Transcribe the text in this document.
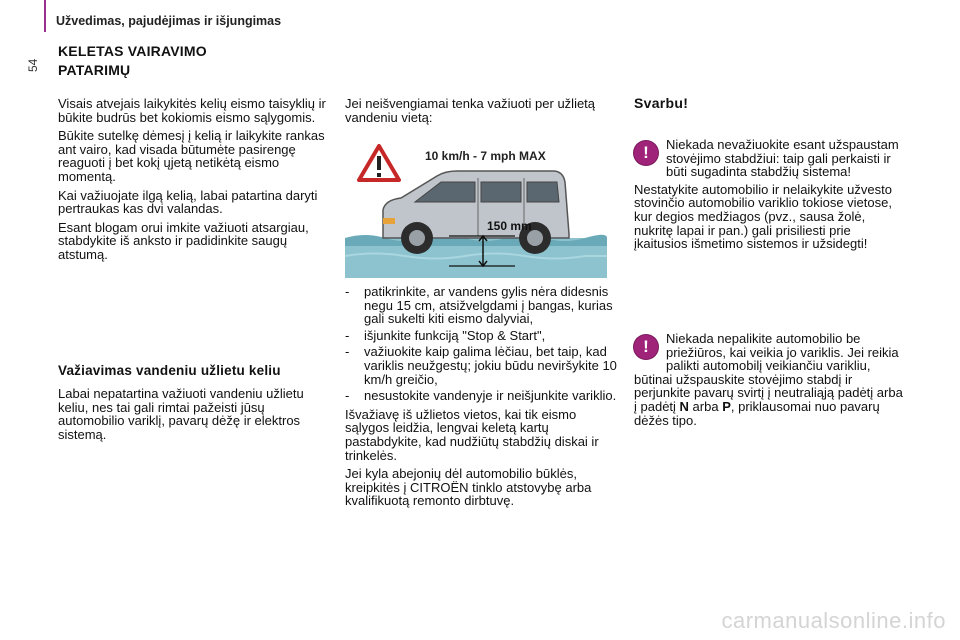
54
Užvedimas, pajudėjimas ir išjungimas
KELETAS VAIRAVIMO
PATARIMŲ

Visais atvejais laikykitės kelių eismo taisyklių ir būkite budrūs bet kokiomis eismo sąlygomis.

Būkite sutelkę dėmesį į kelią ir laikykite rankas ant vairo, kad visada būtumėte pasirengę reaguoti į bet kokį ųjetą netikėtą eismo momentą.

Kai važiuojate ilgą kelią, labai patartina daryti pertraukas kas dvi valandas.

Esant blogam orui imkite važiuoti atsargiau, stabdykite iš anksto ir padidinkite saugų atstumą.

Važiavimas vandeniu užlietu keliu

Labai nepatartina važiuoti vandeniu užlietu keliu, nes tai gali rimtai pažeisti jūsų automobilio variklį, pavarų dėžę ir elektros sistemą.

Jei neišvengiamai tenka važiuoti per užlietą vandeniu vietą:

10 km/h - 7 mph MAX
150 mm
- patikrinkite, ar vandens gylis nėra didesnis negu 15 cm, atsižvelgdami į bangas, kurias gali sukelti kiti eismo dalyviai,
- išjunkite funkciją "Stop & Start",
- važiuokite kaip galima lėčiau, bet taip, kad variklis neužgestų; jokiu būdu neviršykite 10 km/h greičio,
- nesustokite vandenyje ir neišjunkite variklio.

Išvažiavę iš užlietos vietos, kai tik eismo sąlygos leidžia, lengvai keletą kartų pastabdykite, kad nudžiūtų stabdžių diskai ir trinkelės.

Jei kyla abejonių dėl automobilio būklės, kreipkitės į CITROËN tinklo atstovybę arba kvalifikuotą remonto dirbtuvę.

Svarbu!
!	Niekada nevažiuokite esant užspaustam stovėjimo stabdžiui: taip gali perkaisti ir būti sugadinta stabdžių sistema!

Nestatykite automobilio ir nelaikykite užvesto stovinčio automobilio variklio tokiose vietose, kur degios medžiagos (pvz., sausa žolė, nukritę lapai ir pan.) gali prisiliesti prie įkaitusios išmetimo sistemos ir užsidegti!

!	Niekada nepalikite automobilio be priežiūros, kai veikia jo variklis. Jei reikia palikti automobilį veikiančiu varikliu, būtinai užspauskite stovėjimo stabdį ir perjunkite pavarų svirtį į neutraliąją padėtį arba į padėtį N arba P, priklausomai nuo pavarų dėžės tipo.

carmanualsonline.info
